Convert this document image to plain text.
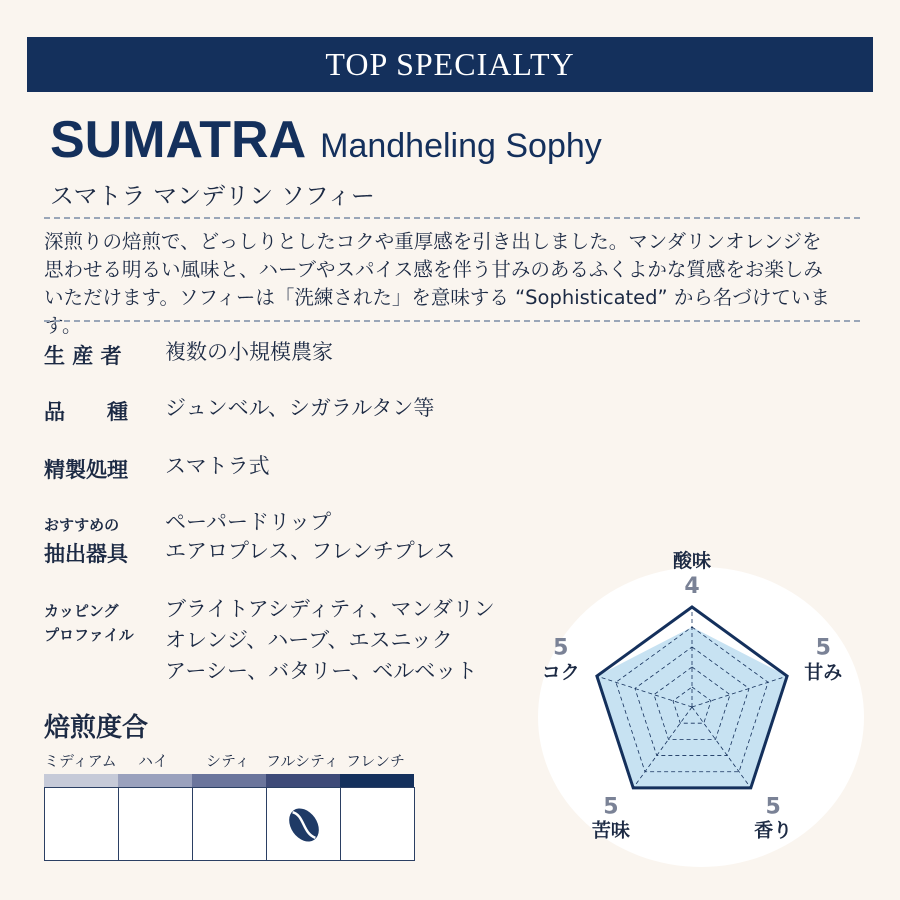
TOP SPECIALTY
SUMATRA Mandheling Sophy
スマトラ マンデリン ソフィー
深煎りの焙煎で、どっしりとしたコクや重厚感を引き出しました。マンダリンオレンジを
思わせる明るい風味と、ハーブやスパイス感を伴う甘みのあるふくよかな質感をお楽しみ
いただけます。ソフィーは「洗練された」を意味する “Sophisticated” から名づけています。
生 産 者 複数の小規模農家
品　　種 ジュンベル、シガラルタン等
精製処理 スマトラ式
おすすめの
抽出器具
ペーパードリップ
エアロプレス、フレンチプレス
カッピング
プロファイル
ブライトアシディティ、マンダリン
オレンジ、ハーブ、エスニック
アーシー、バタリー、ベルベット
焙煎度合
ミディアム ハイ	シティ フルシティ フレンチ
酸味
4
甘み
5
香り
5
苦味
5
コク
5
